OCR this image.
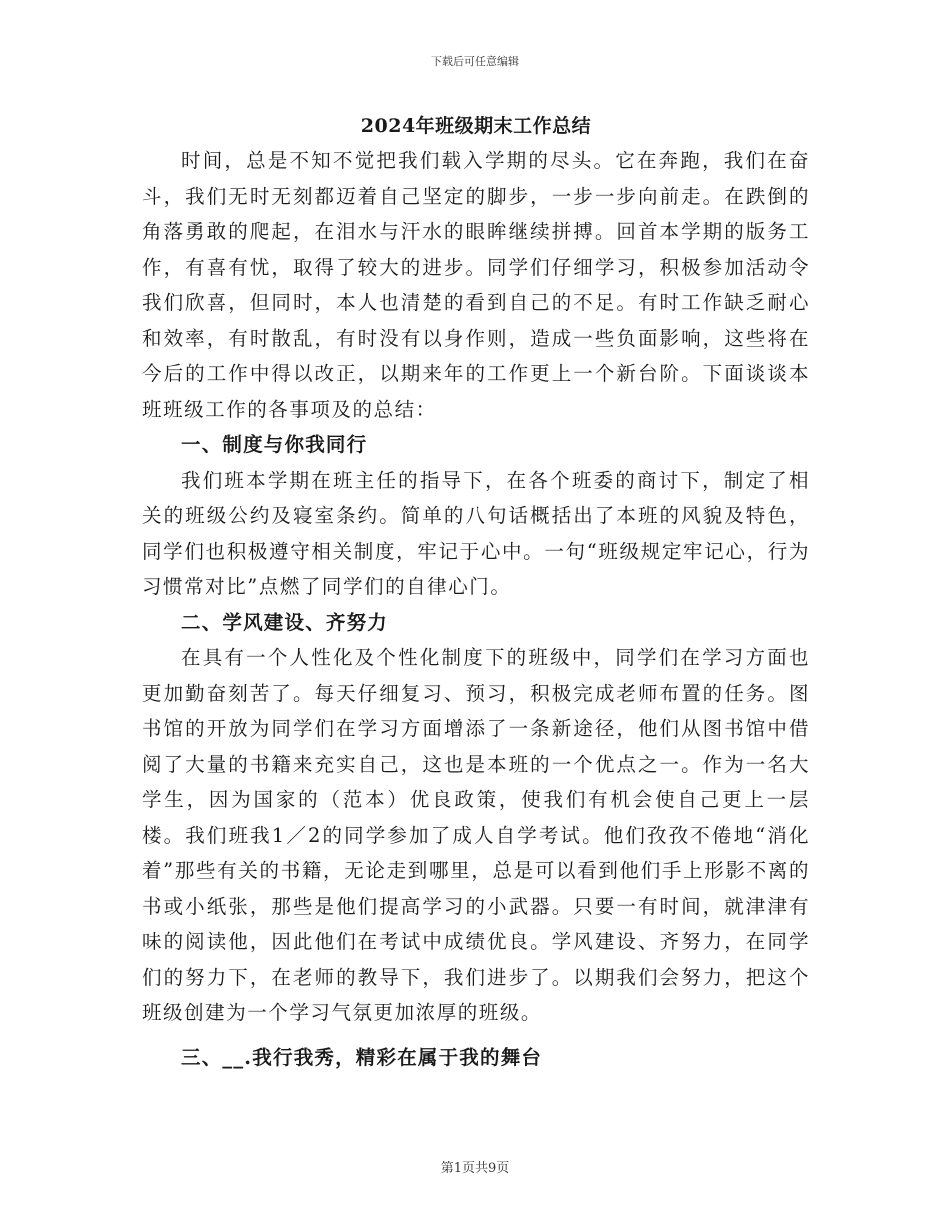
下载后可任意编辑
2024年班级期末工作总结

时间，总是不知不觉把我们载入学期的尽头。它在奔跑，我们在奋斗，我们无时无刻都迈着自己坚定的脚步，一步一步向前走。在跌倒的角落勇敢的爬起，在泪水与汗水的眼眸继续拼搏。回首本学期的版务工作，有喜有忧，取得了较大的进步。同学们仔细学习，积极参加活动令我们欣喜，但同时，本人也清楚的看到自己的不足。有时工作缺乏耐心和效率，有时散乱，有时没有以身作则，造成一些负面影响，这些将在今后的工作中得以改正，以期来年的工作更上一个新台阶。下面谈谈本班班级工作的各事项及的总结：

一、制度与你我同行

我们班本学期在班主任的指导下，在各个班委的商讨下，制定了相关的班级公约及寝室条约。简单的八句话概括出了本班的风貌及特色，同学们也积极遵守相关制度，牢记于心中。一句“班级规定牢记心，行为习惯常对比”点燃了同学们的自律心门。

二、学风建设、齐努力

在具有一个人性化及个性化制度下的班级中，同学们在学习方面也更加勤奋刻苦了。每天仔细复习、预习，积极完成老师布置的任务。图书馆的开放为同学们在学习方面增添了一条新途径，他们从图书馆中借阅了大量的书籍来充实自己，这也是本班的一个优点之一。作为一名大学生，因为国家的（范本）优良政策，使我们有机会使自己更上一层楼。我们班我1／2的同学参加了成人自学考试。他们孜孜不倦地“消化着”那些有关的书籍，无论走到哪里，总是可以看到他们手上形影不离的书或小纸张，那些是他们提高学习的小武器。只要一有时间，就津津有味的阅读他，因此他们在考试中成绩优良。学风建设、齐努力，在同学们的努力下，在老师的教导下，我们进步了。以期我们会努力，把这个班级创建为一个学习气氛更加浓厚的班级。

三、__.我行我秀，精彩在属于我的舞台

第1页共9页
